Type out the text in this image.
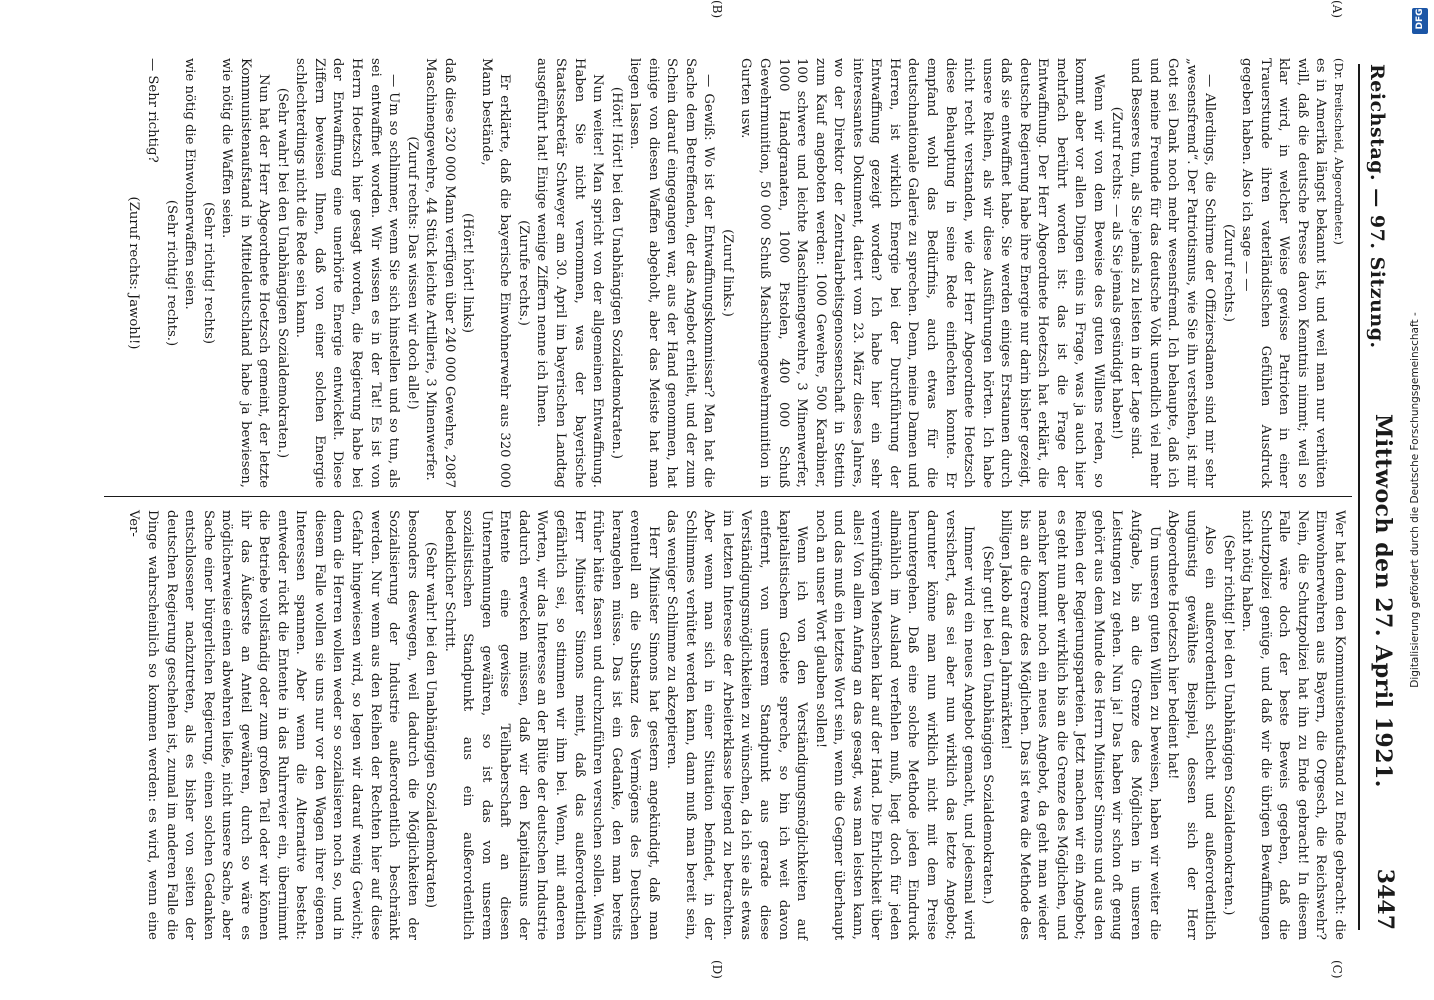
Reichstag. — 97. Sitzung.
Mittwoch den 27. April 1921.
3447
(A)
(B)
(C)
(D)

(Dr. Breitscheid, Abgeordneter.)

es in Amerika längst bekannt ist, und weil man nur verhüten will, daß die deutsche Presse davon Kenntnis nimmt; weil so klar wird, in welcher Weise gewisse Patrioten in einer Trauerstunde ihren vaterländischen Gefühlen Ausdruck gegeben haben. Also ich sage — —

(Zuruf rechts.)

— Allerdings, die Schirme der Offiziersdamen sind mir sehr „wesensfremd“. Der Patriotismus, wie Sie ihn verstehen, ist mir Gott sei Dank noch mehr wesensfremd. Ich behaupte, daß ich und meine Freunde für das deutsche Volk unendlich viel mehr und Besseres tun, als Sie jemals zu leisten in der Lage sind.

(Zuruf rechts: — als Sie jemals gesündigt haben!)

Wenn wir von dem Beweise des guten Willens reden, so kommt aber vor allen Dingen eins in Frage, was ja auch hier mehrfach berührt worden ist: das ist die Frage der Entwaffnung. Der Herr Abgeordnete Hoetzsch hat erklärt, die deutsche Regierung habe ihre Energie nur darin bisher gezeigt, daß sie entwaffnet habe. Sie werden einiges Erstaunen durch unsere Reihen, als wir diese Ausführungen hörten. Ich habe nicht recht verstanden, wie der Herr Abgeordnete Hoetzsch diese Behauptung in seine Rede einflechten konnte. Er empfand wohl das Bedürfnis, auch etwas für die deutschnationale Galerie zu sprechen. Denn, meine Damen und Herren, ist wirklich Energie bei der Durchführung der Entwaffnung gezeigt worden? Ich habe hier ein sehr interessantes Dokument, datiert vom 23. März dieses Jahres, wo der Direktor der Zentralarbeitsgenossenschaft in Stettin zum Kauf angeboten werden: 1000 Gewehre, 500 Karabiner, 100 schwere und leichte Maschinengewehre, 3 Minenwerfer, 1000 Handgranaten, 1000 Pistolen, 400 000 Schuß Gewehrmunition, 50 000 Schuß Maschinengewehrmunition in Gurten usw.

(Zuruf links.)

— Gewiß: Wo ist der Entwaffnungskommissar? Man hat die Sache dem Betreffenden, der das Angebot erhielt, und der zum Schein darauf eingegangen war, aus der Hand genommen, hat einige von diesen Waffen abgeholt, aber das Meiste hat man liegen lassen.

(Hört! Hört! bei den Unabhängigen Sozialdemokraten.)

Nun weiter! Man spricht von der allgemeinen Entwaffnung. Haben Sie nicht vernommen, was der bayerische Staatssekretär Schweyer am 30. April im bayerischen Landtag ausgeführt hat! Einige wenige Ziffern nenne ich Ihnen.

(Zurufe rechts.)

Er erklärte, daß die bayerische Einwohnerwehr aus 320 000 Mann bestände,

(Hört! hört! links)

daß diese 320 000 Mann verfügen über 240 000 Gewehre, 2087 Maschinengewehre, 44 Stück leichte Artillerie, 3 Minenwerfer.

(Zuruf rechts: Das wissen wir doch alle!)

— Um so schlimmer, wenn Sie sich hinstellen und so tun, als sei entwaffnet worden. Wir wissen es in der Tat! Es ist von Herrn Hoetzsch hier gesagt worden, die Regierung habe bei der Entwaffnung eine unerhörte Energie entwickelt. Diese Ziffern beweisen Ihnen, daß von einer solchen Energie schlechterdings nicht die Rede sein kann.

(Sehr wahr! bei den Unabhängigen Sozialdemokraten.)

Nun hat der Herr Abgeordnete Hoetzsch gemeint, der letzte Kommunistenaufstand in Mitteldeutschland habe ja bewiesen, wie nötig die Waffen seien.

(Sehr richtig! rechts)

wie nötig die Einwohnerwaffen seien.

(Sehr richtig! rechts.)

— Sehr richtig?

(Zuruf rechts: Jawohl!)

Wer hat denn den Kommunistenaufstand zu Ende gebracht: die Einwohnerwehren aus Bayern, die Orgesch, die Reichswehr? Nein, die Schutzpolizei hat ihn zu Ende gebracht! In diesem Falle wäre doch der beste Beweis gegeben, daß die Schutzpolizei genüge, und daß wir die übrigen Bewaffnungen nicht nötig haben.

(Sehr richtig! bei den Unabhängigen Sozialdemokraten.)

Also ein außerordentlich schlecht und außerordentlich ungünstig gewähltes Beispiel, dessen sich der Herr Abgeordnete Hoetzsch hier bedient hat!

Um unseren guten Willen zu beweisen, haben wir weiter die Aufgabe, bis an die Grenze des Möglichen in unseren Leistungen zu gehen. Nun ja! Das haben wir schon oft genug gehört aus dem Munde des Herrn Minister Simons und aus den Reihen der Regierungsparteien. Jetzt machen wir ein Angebot; es geht nun aber wirklich bis an die Grenze des Möglichen, und nachher kommt noch ein neues Angebot, da geht man wieder bis an die Grenze des Möglichen. Das ist etwa die Methode des billigen Jakob auf den Jahrmärkten!

(Sehr gut! bei den Unabhängigen Sozialdemokraten.)

Immer wird ein neues Angebot gemacht, und jedesmal wird versichert, das sei aber nun wirklich das letzte Angebot; darunter könne man nun wirklich nicht mit dem Preise heruntergehen. Daß eine solche Methode jeden Eindruck allmählich im Ausland verfehlen muß, liegt doch für jeden vernünftigen Menschen klar auf der Hand. Die Ehrlichkeit über alles! Von allem Anfang an das gesagt, was man leisten kann, und das muß ein letztes Wort sein, wenn die Gegner überhaupt noch an unser Wort glauben sollen!

Wenn ich von den Verständigungsmöglichkeiten auf kapitalistischem Gebiete spreche, so bin ich weit davon entfernt, von unserem Standpunkt aus gerade diese Verständigungsmöglichkeiten zu wünschen, da ich sie als etwas im letzten Interesse der Arbeiterklasse liegend zu betrachten. Aber wenn man sich in einer Situation befindet, in der Schlimmes verhütet werden kann, dann muß man bereit sein, das weniger Schlimme zu akzeptieren.

Herr Minister Simons hat gestern angekündigt, daß man eventuell an die Substanz des Vermögens des Deutschen herangehen müsse. Das ist ein Gedanke, den man bereits früher hätte fassen und durchzuführen versuchen sollen. Wenn Herr Minister Simons meint, daß das außerordentlich gefährlich sei, so stimmen wir ihm bei. Wenn, mit anderen Worten, wir das Interesse an der Blüte der deutschen Industrie dadurch erwecken müssen, daß wir den Kapitalismus der Entente eine gewisse Teilhaberschaft an diesen Unternehmungen gewähren, so ist das von unserem sozialistischen Standpunkt aus ein außerordentlich bedenklicher Schritt.

(Sehr wahr! bei den Unabhängigen Sozialdemokraten)

besonders deswegen, weil dadurch die Möglichkeiten der Sozialisierung der Industrie außerordentlich beschränkt werden. Nur wenn aus den Reihen der Rechten hier auf diese Gefahr hingewiesen wird, so legen wir darauf wenig Gewicht; denn die Herren wollen weder so sozialisieren noch so, und in diesem Falle wollen sie uns nur vor den Wagen ihrer eigenen Interessen spannen. Aber wenn die Alternative besteht: entweder rückt die Entente in das Ruhrrevier ein, übernimmt die Betriebe vollständig oder zum großen Teil oder wir können ihr das Äußerste an Anteil gewähren, durch so wäre es möglicherweise einen abwehren ließe, nicht unsere Sache, aber Sache einer bürgerlichen Regierung, einen solchen Gedanken entschlossener nachzutreten, als es bisher von seiten der deutschen Regierung geschehen ist, zumal im anderen Falle die Dinge wahrscheinlich so kommen werden: es wird, wenn eine Ver-	Digitalisierung gefördert durch die Deutsche Forschungsgemeinschaft -
DFG
